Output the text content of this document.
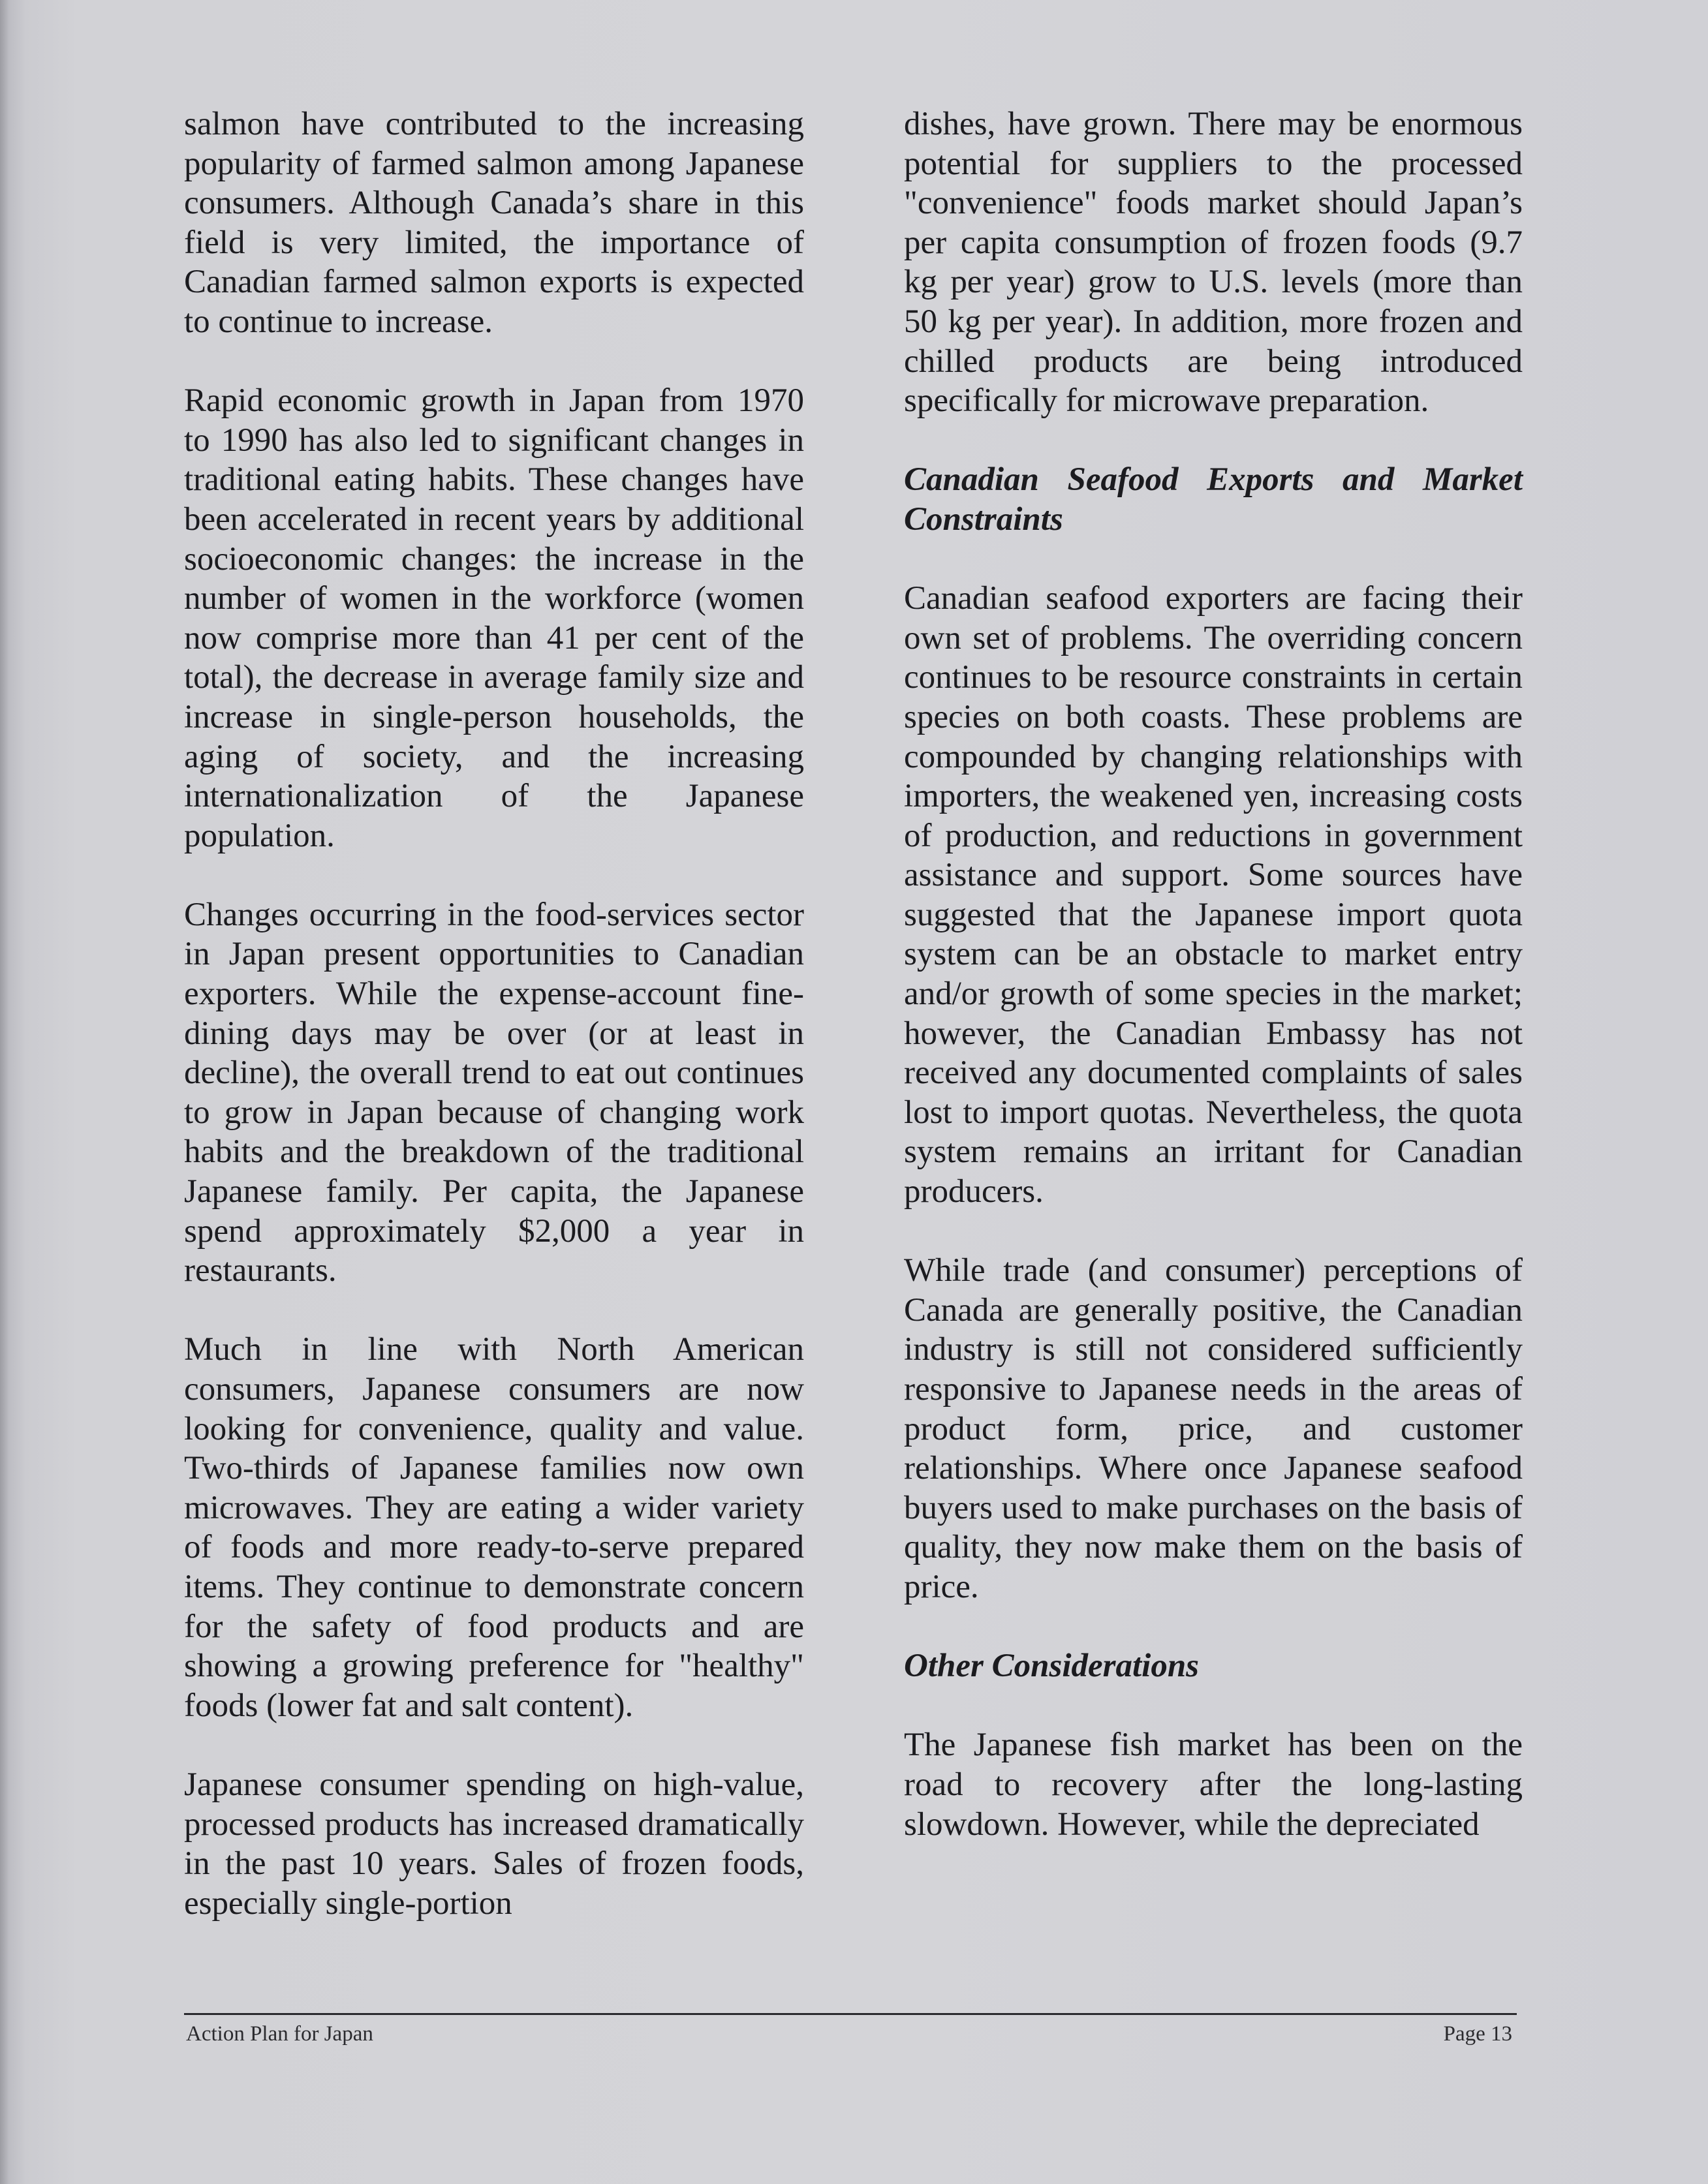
salmon have contributed to the increasing popularity of farmed salmon among Japanese consumers. Although Canada’s share in this field is very limited, the importance of Canadian farmed salmon exports is expected to continue to increase.

Rapid economic growth in Japan from 1970 to 1990 has also led to significant changes in traditional eating habits. These changes have been accelerated in recent years by additional socioeconomic changes: the increase in the number of women in the workforce (women now comprise more than 41 per cent of the total), the decrease in average family size and increase in single-person households, the aging of society, and the increasing internationalization of the Japanese population.

Changes occurring in the food-services sector in Japan present opportunities to Canadian exporters. While the expense-account fine-dining days may be over (or at least in decline), the overall trend to eat out continues to grow in Japan because of changing work habits and the breakdown of the traditional Japanese family. Per capita, the Japanese spend approximately $2,000 a year in restaurants.

Much in line with North American consumers, Japanese consumers are now looking for convenience, quality and value. Two-thirds of Japanese families now own microwaves. They are eating a wider variety of foods and more ready-to-serve prepared items. They continue to demonstrate concern for the safety of food products and are showing a growing preference for "healthy" foods (lower fat and salt content).

Japanese consumer spending on high-value, processed products has increased dramatically in the past 10 years. Sales of frozen foods, especially single-portion

dishes, have grown. There may be enormous potential for suppliers to the processed "convenience" foods market should Japan’s per capita consumption of frozen foods (9.7 kg per year) grow to U.S. levels (more than 50 kg per year). In addition, more frozen and chilled products are being introduced specifically for microwave preparation.

Canadian Seafood Exports and Market Constraints

Canadian seafood exporters are facing their own set of problems. The overriding concern continues to be resource constraints in certain species on both coasts. These problems are compounded by changing relationships with importers, the weakened yen, increasing costs of production, and reductions in government assistance and support. Some sources have suggested that the Japanese import quota system can be an obstacle to market entry and/or growth of some species in the market; however, the Canadian Embassy has not received any documented complaints of sales lost to import quotas. Nevertheless, the quota system remains an irritant for Canadian producers.

While trade (and consumer) perceptions of Canada are generally positive, the Canadian industry is still not considered sufficiently responsive to Japanese needs in the areas of product form, price, and customer relationships. Where once Japanese seafood buyers used to make purchases on the basis of quality, they now make them on the basis of price.

Other Considerations

The Japanese fish market has been on the road to recovery after the long-lasting slowdown. However, while the depreciated

Action Plan for Japan	Page 13
